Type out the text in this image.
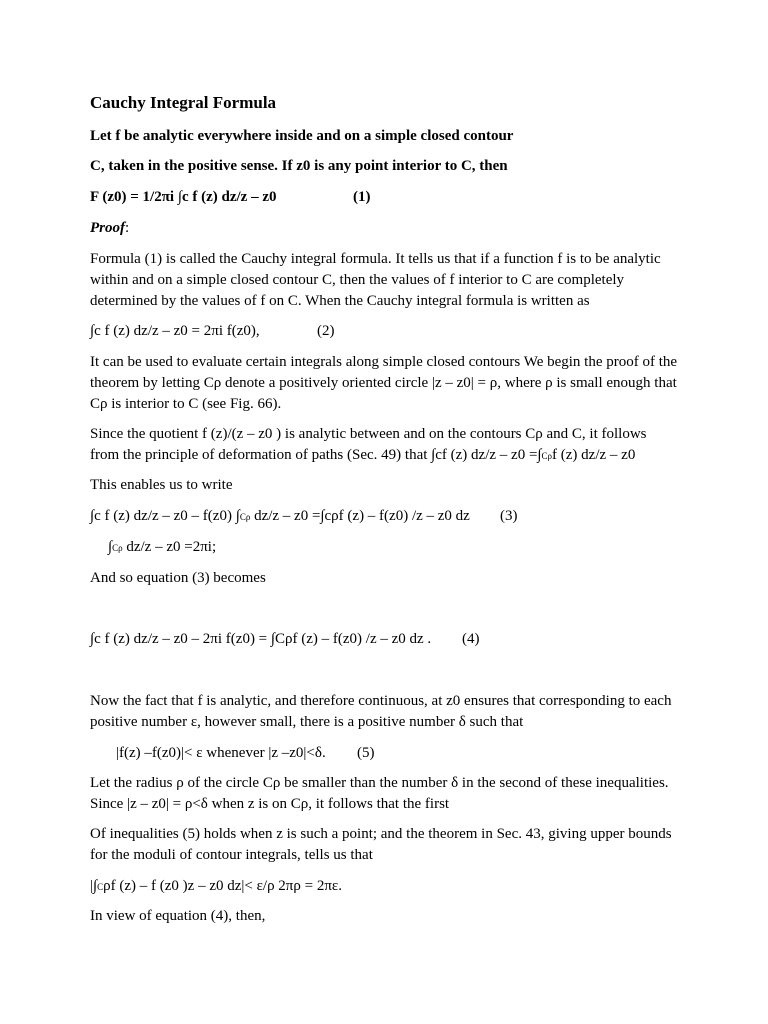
Cauchy Integral Formula
Let f be analytic everywhere inside and on a simple closed contour
C, taken in the positive sense. If z0 is any point interior to C, then
F (z0) = 1/2πi ∫c f (z) dz/z – z0	(1)
Proof:
Formula (1) is called the Cauchy integral formula. It tells us that if a function f is to be analytic within and on a simple closed contour C, then the values of f interior to C are completely determined by the values of f on C. When the Cauchy integral formula is written as
∫c f (z) dz/z – z0 = 2πi f(z0),	(2)
It can be used to evaluate certain integrals along simple closed contours We begin the proof of the theorem by letting Cρ denote a positively oriented circle |z – z0| = ρ, where ρ is small enough that Cρ is interior to C (see Fig. 66).
Since the quotient f (z)/(z – z0 ) is analytic between and on the contours Cρ and C, it follows
from the principle of deformation of paths (Sec. 49) that ∫cf (z) dz/z – z0 =∫Cρf (z) dz/z – z0
This enables us to write
∫c f (z) dz/z – z0 – f(z0) ∫Cρ dz/z – z0 =∫cρf (z) – f(z0) /z – z0 dz (3)
∫Cρ dz/z – z0 =2πi;
And so equation (3) becomes
∫c f (z) dz/z – z0 – 2πi f(z0) = ∫Cρf (z) – f(z0) /z – z0 dz . (4)
Now the fact that f is analytic, and therefore continuous, at z0 ensures that corresponding to each positive number ε, however small, there is a positive number δ such that
|f(z) –f(z0)|< ε whenever |z –z0|<δ. (5)
Let the radius ρ of the circle Cρ be smaller than the number δ in the second of these inequalities. Since |z – z0| = ρ<δ when z is on Cρ, it follows that the first
Of inequalities (5) holds when z is such a point; and the theorem in Sec. 43, giving upper bounds for the moduli of contour integrals, tells us that
|∫Cρf (z) – f (z0 )z – z0 dz|< ε/ρ 2πρ = 2πε.
In view of equation (4), then,
